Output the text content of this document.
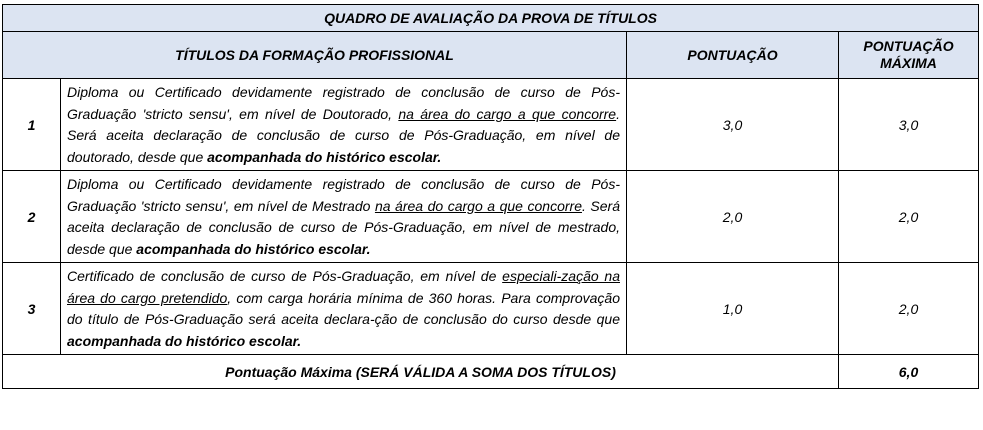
QUADRO DE AVALIAÇÃO DA PROVA DE TÍTULOS			
TÍTULOS DA FORMAÇÃO PROFISSIONAL		PONTUAÇÃO	PONTUAÇÃO MÁXIMA
1	Diploma ou Certificado devidamente registrado de conclusão de curso de Pós-Graduação 'stricto sensu', em nível de Doutorado, na área do cargo a que concorre. Será aceita declaração de conclusão de curso de Pós-Graduação, em nível de doutorado, desde que acompanhada do histórico escolar.	3,0	3,0
2	Diploma ou Certificado devidamente registrado de conclusão de curso de Pós-Graduação 'stricto sensu', em nível de Mestrado na área do cargo a que concorre. Será aceita declaração de conclusão de curso de Pós-Graduação, em nível de mestrado, desde que acompanhada do histórico escolar.	2,0	2,0
3	Certificado de conclusão de curso de Pós-Graduação, em nível de especiali-zação na área do cargo pretendido, com carga horária mínima de 360 horas. Para comprovação do título de Pós-Graduação será aceita declara-ção de conclusão do curso desde que acompanhada do histórico escolar.	1,0	2,0
Pontuação Máxima (SERÁ VÁLIDA A SOMA DOS TÍTULOS)			6,0
